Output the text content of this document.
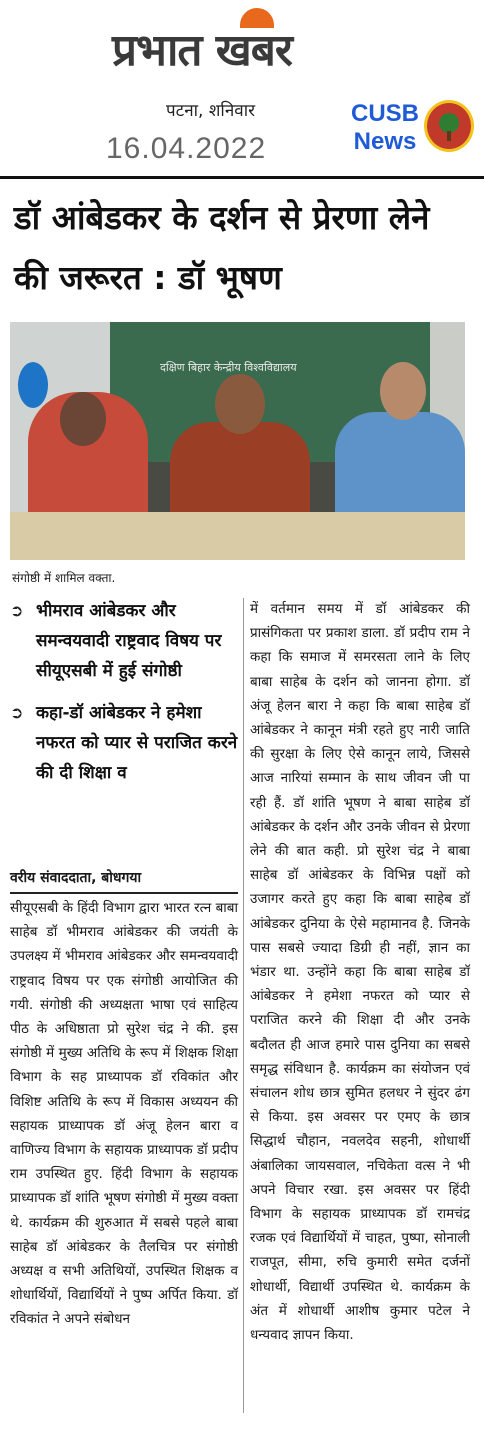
प्रभात खबर
पटना, शनिवार
16.04.2022
CUSB
News
डॉ आंबेडकर के दर्शन से प्रेरणा लेने की जरूरत : डॉ भूषण
दक्षिण बिहार केन्द्रीय विश्वविद्यालय
संगोष्ठी में शामिल वक्ता.
➲ भीमराव आंबेडकर और समन्वयवादी राष्ट्रवाद विषय पर सीयूएसबी में हुई संगोष्ठी
➲ कहा-डॉ आंबेडकर ने हमेशा नफरत को प्यार से पराजित करने की दी शिक्षा व
वरीय संवाददाता, बोधगया
सीयूएसबी के हिंदी विभाग द्वारा भारत रत्न बाबा साहेब डॉ भीमराव आंबेडकर की जयंती के उपलक्ष्य में भीमराव आंबेडकर और समन्वयवादी राष्ट्रवाद विषय पर एक संगोष्ठी आयोजित की गयी. संगोष्ठी की अध्यक्षता भाषा एवं साहित्य पीठ के अधिष्ठाता प्रो सुरेश चंद्र ने की. इस संगोष्ठी में मुख्य अतिथि के रूप में शिक्षक शिक्षा विभाग के सह प्राध्यापक डॉ रविकांत और विशिष्ट अतिथि के रूप में विकास अध्ययन की सहायक प्राध्यापक डॉ अंजू हेलन बारा व वाणिज्य विभाग के सहायक प्राध्यापक डॉ प्रदीप राम उपस्थित हुए. हिंदी विभाग के सहायक प्राध्यापक डॉ शांति भूषण संगोष्ठी में मुख्य वक्ता थे. कार्यक्रम की शुरुआत में सबसे पहले बाबा साहेब डॉ आंबेडकर के तैलचित्र पर संगोष्ठी अध्यक्ष व सभी अतिथियों, उपस्थित शिक्षक व शोधार्थियों, विद्यार्थियों ने पुष्प अर्पित किया. डॉ रविकांत ने अपने संबोधन
में वर्तमान समय में डॉ आंबेडकर की प्रासंगिकता पर प्रकाश डाला. डॉ प्रदीप राम ने कहा कि समाज में समरसता लाने के लिए बाबा साहेब के दर्शन को जानना होगा. डॉ अंजू हेलन बारा ने कहा कि बाबा साहेब डॉ आंबेडकर ने कानून मंत्री रहते हुए नारी जाति की सुरक्षा के लिए ऐसे कानून लाये, जिससे आज नारियां सम्मान के साथ जीवन जी पा रही हैं. डॉ शांति भूषण ने बाबा साहेब डॉ आंबेडकर के दर्शन और उनके जीवन से प्रेरणा लेने की बात कही. प्रो सुरेश चंद्र ने बाबा साहेब डॉ आंबेडकर के विभिन्न पक्षों को उजागर करते हुए कहा कि बाबा साहेब डॉ आंबेडकर दुनिया के ऐसे महामानव है. जिनके पास सबसे ज्यादा डिग्री ही नहीं, ज्ञान का भंडार था. उन्होंने कहा कि बाबा साहेब डॉ आंबेडकर ने हमेशा नफरत को प्यार से पराजित करने की शिक्षा दी और उनके बदौलत ही आज हमारे पास दुनिया का सबसे समृद्ध संविधान है. कार्यक्रम का संयोजन एवं संचालन शोध छात्र सुमित हलधर ने सुंदर ढंग से किया. इस अवसर पर एमए के छात्र सिद्धार्थ चौहान, नवलदेव सहनी, शोधार्थी अंबालिका जायसवाल, नचिकेता वत्स ने भी अपने विचार रखा. इस अवसर पर हिंदी विभाग के सहायक प्राध्यापक डॉ रामचंद्र रजक एवं विद्यार्थियों में चाहत, पुष्पा, सोनाली राजपूत, सीमा, रुचि कुमारी समेत दर्जनों शोधार्थी, विद्यार्थी उपस्थित थे. कार्यक्रम के अंत में शोधार्थी आशीष कुमार पटेल ने धन्यवाद ज्ञापन किया.
